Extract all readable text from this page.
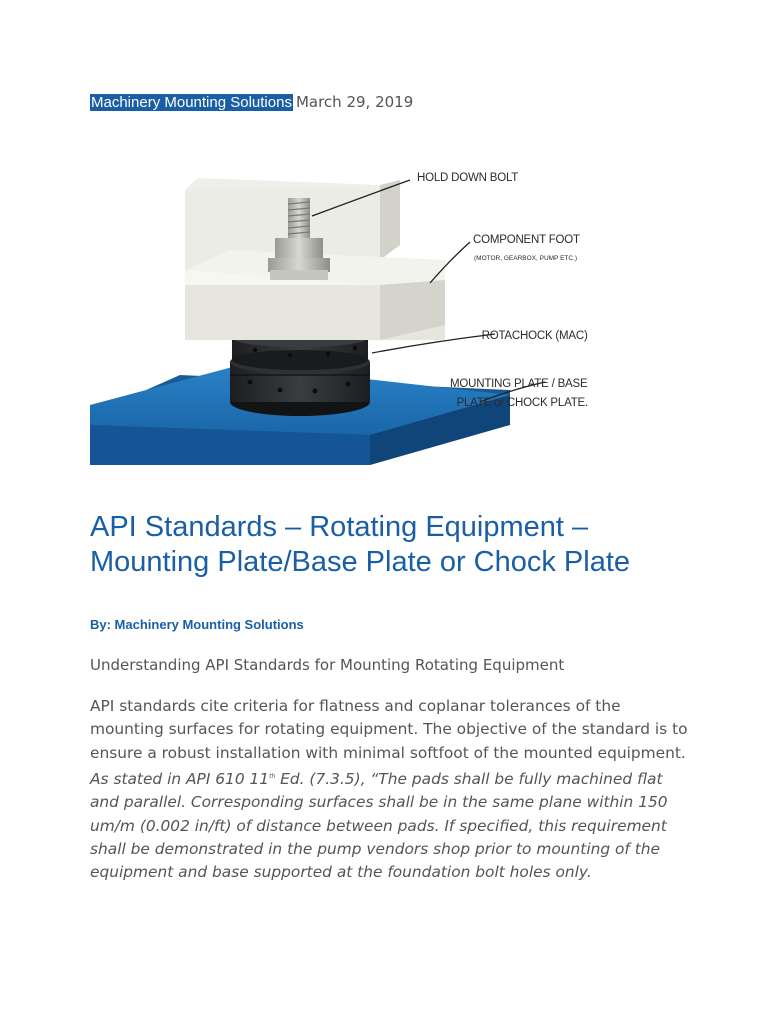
Machinery Mounting Solutions March 29, 2019
HOLD DOWN BOLT
COMPONENT FOOT
(MOTOR, GEARBOX, PUMP ETC.)
ROTACHOCK (MAC)
MOUNTING PLATE / BASE
PLATE or CHOCK PLATE.
API Standards – Rotating Equipment – Mounting Plate/Base Plate or Chock Plate
By: Machinery Mounting Solutions
Understanding API Standards for Mounting Rotating Equipment

API standards cite criteria for flatness and coplanar tolerances of the mounting surfaces for rotating equipment. The objective of the standard is to ensure a robust installation with minimal softfoot of the mounted equipment. As stated in API 610 11th Ed. (7.3.5), “The pads shall be fully machined flat and parallel. Corresponding surfaces shall be in the same plane within 150 um/m (0.002 in/ft) of distance between pads. If specified, this requirement shall be demonstrated in the pump vendors shop prior to mounting of the equipment and base supported at the foundation bolt holes only.
